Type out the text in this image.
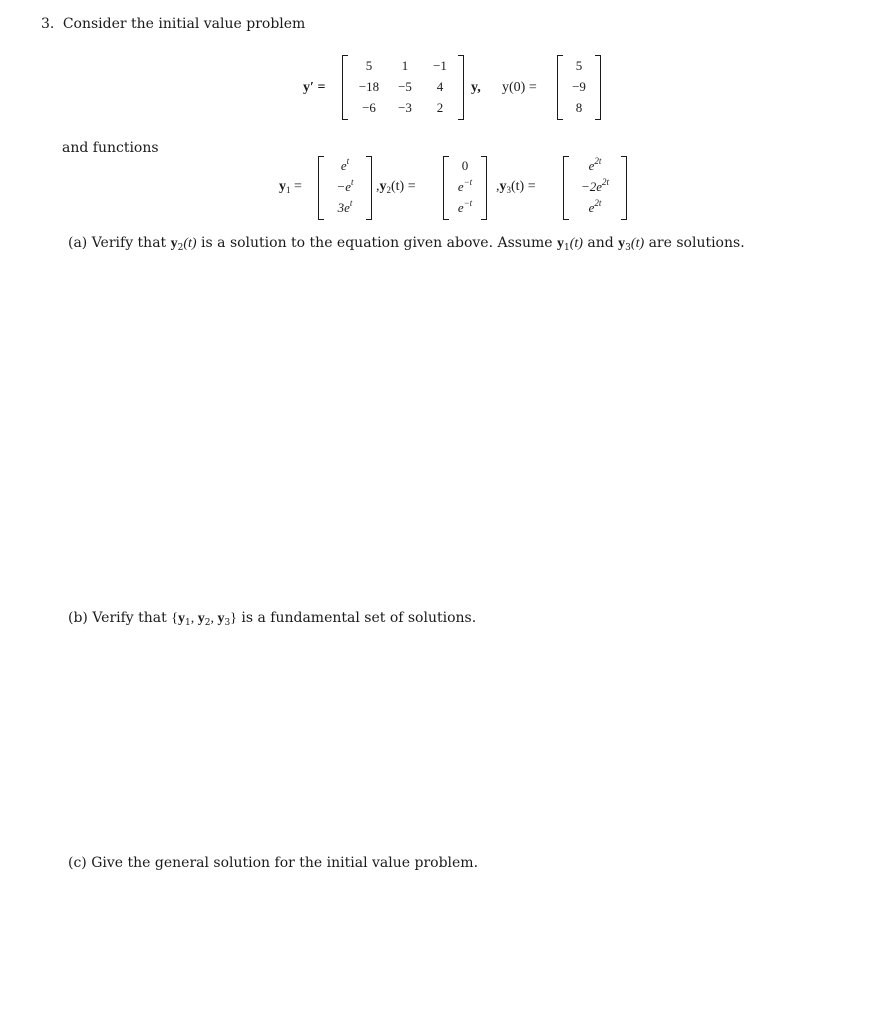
3. Consider the initial value problem
y′ =
5 1 −1
−18 −5 4
−6 −3 2
y, y(0) =
5
−9
8
and functions
$y_1$ =
$e^t$
$-e^t$
$3e^t$
$,y_2(t)$ =
0
$e^{-t}$
$e^{-t}$
$,y_3(t)$ =
$e^{2t}$
$-2e^{2t}$
$e^{2t}$
(a) Verify that $y_2(t)$ is a solution to the equation given above. Assume $y_1(t)$ and $y_3(t)$ are solutions.
(b) Verify that {$y_1$, $y_2$, $y_3$} is a fundamental set of solutions.
(c) Give the general solution for the initial value problem.
